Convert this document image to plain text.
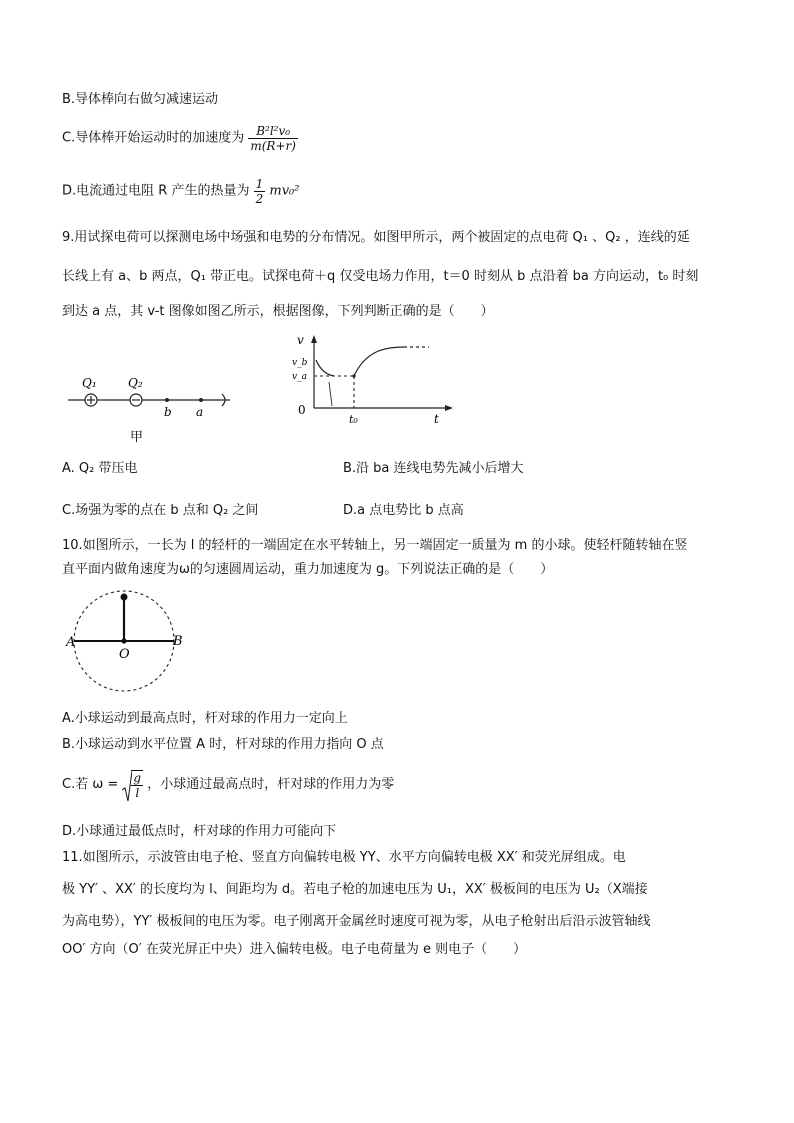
B.导体棒向右做匀减速运动
C.导体棒开始运动时的加速度为 $\frac{\text{B²l²v₀}}{m(R+r)}$
D.电流通过电阻 R 产生的热量为 $\frac{1}{2} mv_0^2$
9.用试探电荷可以探测电场中场强和电势的分布情况。如图甲所示，两个被固定的点电荷 Q₁ 、Q₂ ，连线的延
长线上有 a、b 两点，Q₁ 带正电。试探电荷＋q 仅受电场力作用，t＝0 时刻从 b 点沿着 ba 方向运动，t₀ 时刻
到达 a 点，其 v-t 图像如图乙所示，根据图像，下列判断正确的是（　　）
Q₁	Q₂
b a
甲
v
v_b
v_a
0
t₀	t
A. Q₂ 带压电	B.沿 ba 连线电势先减小后增大
C.场强为零的点在 b 点和 Q₂ 之间	D.a 点电势比 b 点高
10.如图所示，一长为 l 的轻杆的一端固定在水平转轴上，另一端固定一质量为 m 的小球。使轻杆随转轴在竖
直平面内做角速度为ω的匀速圆周运动，重力加速度为 g。下列说法正确的是（　　）
A	B
O
A.小球运动到最高点时，杆对球的作用力一定向上
B.小球运动到水平位置 A 时，杆对球的作用力指向 O 点
C.若 $\omega = \frac{g}{l}$ ，小球通过最高点时，杆对球的作用力为零
D.小球通过最低点时，杆对球的作用力可能向下
11.如图所示，示波管由电子枪、竖直方向偏转电极 YY、水平方向偏转电极 XX′ 和荧光屏组成。电
极 YY′ 、XX′ 的长度均为 l、间距均为 d。若电子枪的加速电压为 U₁，XX′ 极板间的电压为 U₂（X端接
为高电势），YY′ 极板间的电压为零。电子刚离开金属丝时速度可视为零，从电子枪射出后沿示波管轴线
OO′ 方向（O′ 在荧光屏正中央）进入偏转电极。电子电荷量为 e 则电子（　　）
